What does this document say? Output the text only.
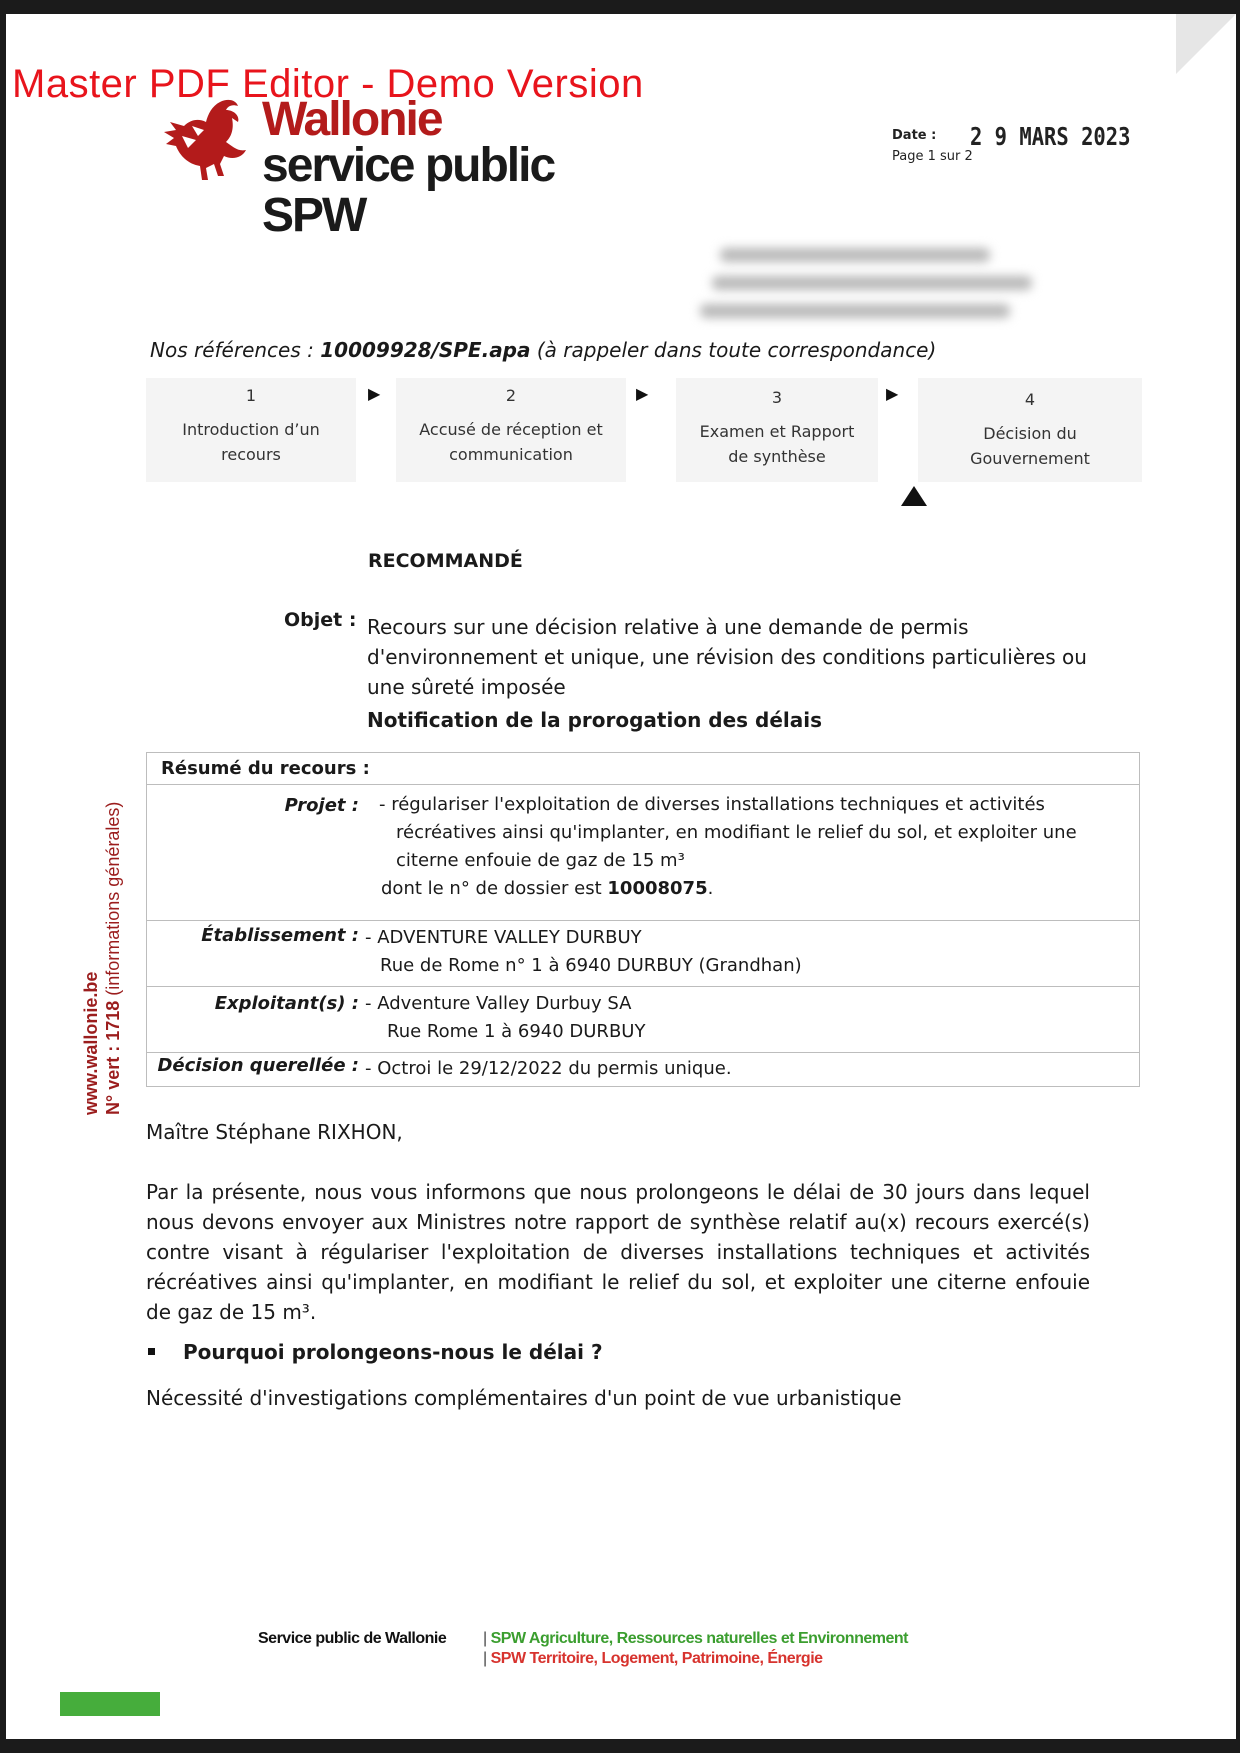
Wallonie
service public
SPW
Master PDF Editor - Demo Version
Date : 2 9 MARS 2023
Page 1 sur 2
Nos références : 10009928/SPE.apa (à rappeler dans toute correspondance)
1
Introduction d’un recours
▶	2
Accusé de réception et communication
▶	3
Examen et Rapport de synthèse
▶	4
Décision du Gouvernement
RECOMMANDÉ
Objet : Recours sur une décision relative à une demande de permis d'environnement et unique, une révision des conditions particulières ou une sûreté imposée
Notification de la prorogation des délais
Résumé du recours :
Projet : - régulariser l'exploitation de diverses installations techniques et activités
récréatives ainsi qu'implanter, en modifiant le relief du sol, et exploiter une
citerne enfouie de gaz de 15 m³
dont le n° de dossier est 10008075.
Établissement : - ADVENTURE VALLEY DURBUY
Rue de Rome n° 1 à 6940 DURBUY (Grandhan)
Exploitant(s) : - Adventure Valley Durbuy SA
Rue Rome 1 à 6940 DURBUY
Décision querellée : - Octroi le 29/12/2022 du permis unique.
Maître Stéphane RIXHON,
Par la présente, nous vous informons que nous prolongeons le délai de 30 jours dans lequel nous devons envoyer aux Ministres notre rapport de synthèse relatif au(x) recours exercé(s) contre visant à régulariser l'exploitation de diverses installations techniques et activités récréatives ainsi qu'implanter, en modifiant le relief du sol, et exploiter une citerne enfouie de gaz de 15 m³.
Pourquoi prolongeons-nous le délai ?
Nécessité d'investigations complémentaires d'un point de vue urbanistique
www.wallonie.be N° vert : 1718 (informations générales)
Service public de Wallonie | SPW Agriculture, Ressources naturelles et Environnement
| SPW Territoire, Logement, Patrimoine, Énergie
